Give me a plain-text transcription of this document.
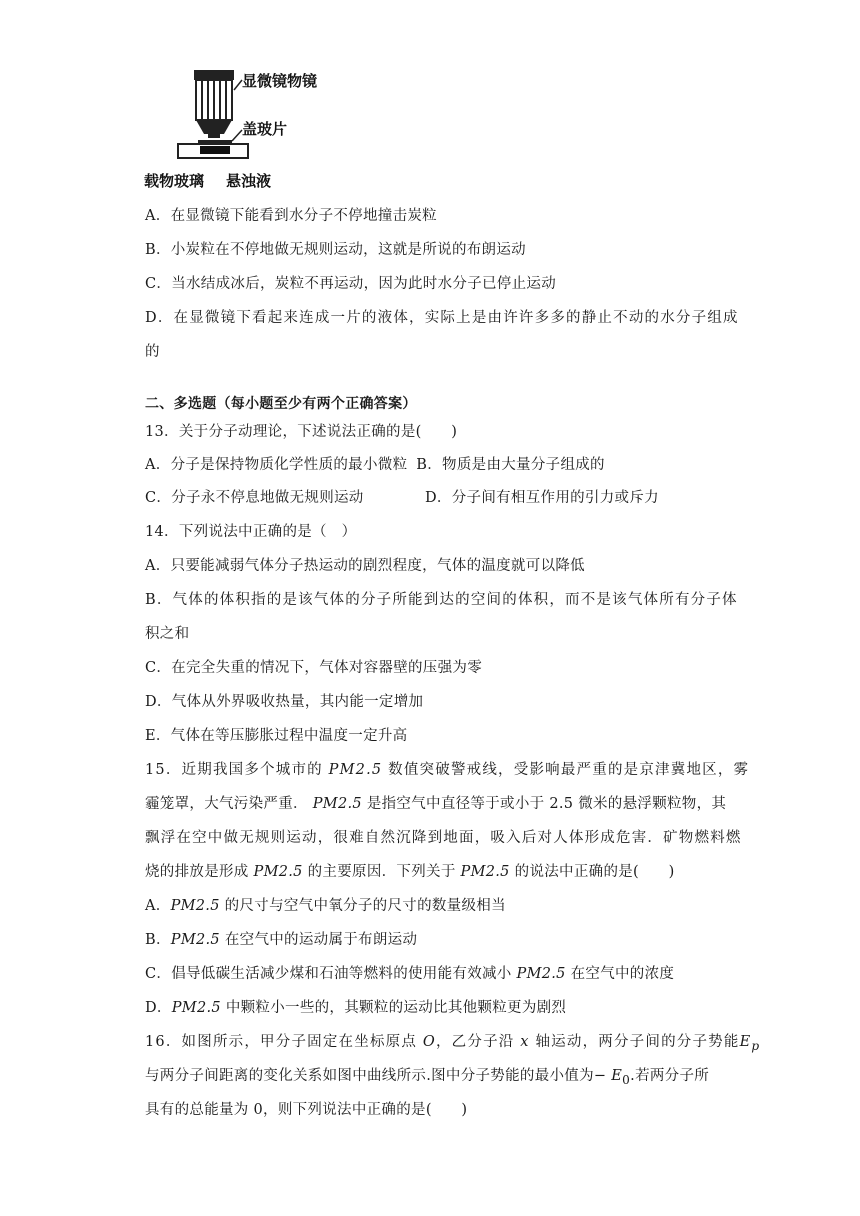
显微镜物镜
盖玻片
载物玻璃 悬浊液
A．在显微镜下能看到水分子不停地撞击炭粒
B．小炭粒在不停地做无规则运动，这就是所说的布朗运动
C．当水结成冰后，炭粒不再运动，因为此时水分子已停止运动
D．在显微镜下看起来连成一片的液体，实际上是由许许多多的静止不动的水分子组成
的
二、多选题（每小题至少有两个正确答案）
13．关于分子动理论，下述说法正确的是(　　)
A．分子是保持物质化学性质的最小微粒 B．物质是由大量分子组成的
C．分子永不停息地做无规则运动	D．分子间有相互作用的引力或斥力
14．下列说法中正确的是（　）
A．只要能减弱气体分子热运动的剧烈程度，气体的温度就可以降低
B．气体的体积指的是该气体的分子所能到达的空间的体积，而不是该气体所有分子体
积之和
C．在完全失重的情况下，气体对容器壁的压强为零
D．气体从外界吸收热量，其内能一定增加
E．气体在等压膨胀过程中温度一定升高
15．近期我国多个城市的 PM2.5 数值突破警戒线，受影响最严重的是京津冀地区，雾
霾笼罩，大气污染严重． PM2.5 是指空气中直径等于或小于 2.5 微米的悬浮颗粒物，其
飘浮在空中做无规则运动，很难自然沉降到地面，吸入后对人体形成危害．矿物燃料燃
烧的排放是形成 PM2.5 的主要原因．下列关于 PM2.5 的说法中正确的是(　　)
A．PM2.5 的尺寸与空气中氧分子的尺寸的数量级相当
B．PM2.5 在空气中的运动属于布朗运动
C．倡导低碳生活减少煤和石油等燃料的使用能有效减小 PM2.5 在空气中的浓度
D．PM2.5 中颗粒小一些的，其颗粒的运动比其他颗粒更为剧烈
16．如图所示，甲分子固定在坐标原点 O，乙分子沿 x 轴运动，两分子间的分子势能$E_p$
与两分子间距离的变化关系如图中曲线所示.图中分子势能的最小值为− $E_0$.若两分子所
具有的总能量为 0，则下列说法中正确的是(　　)
